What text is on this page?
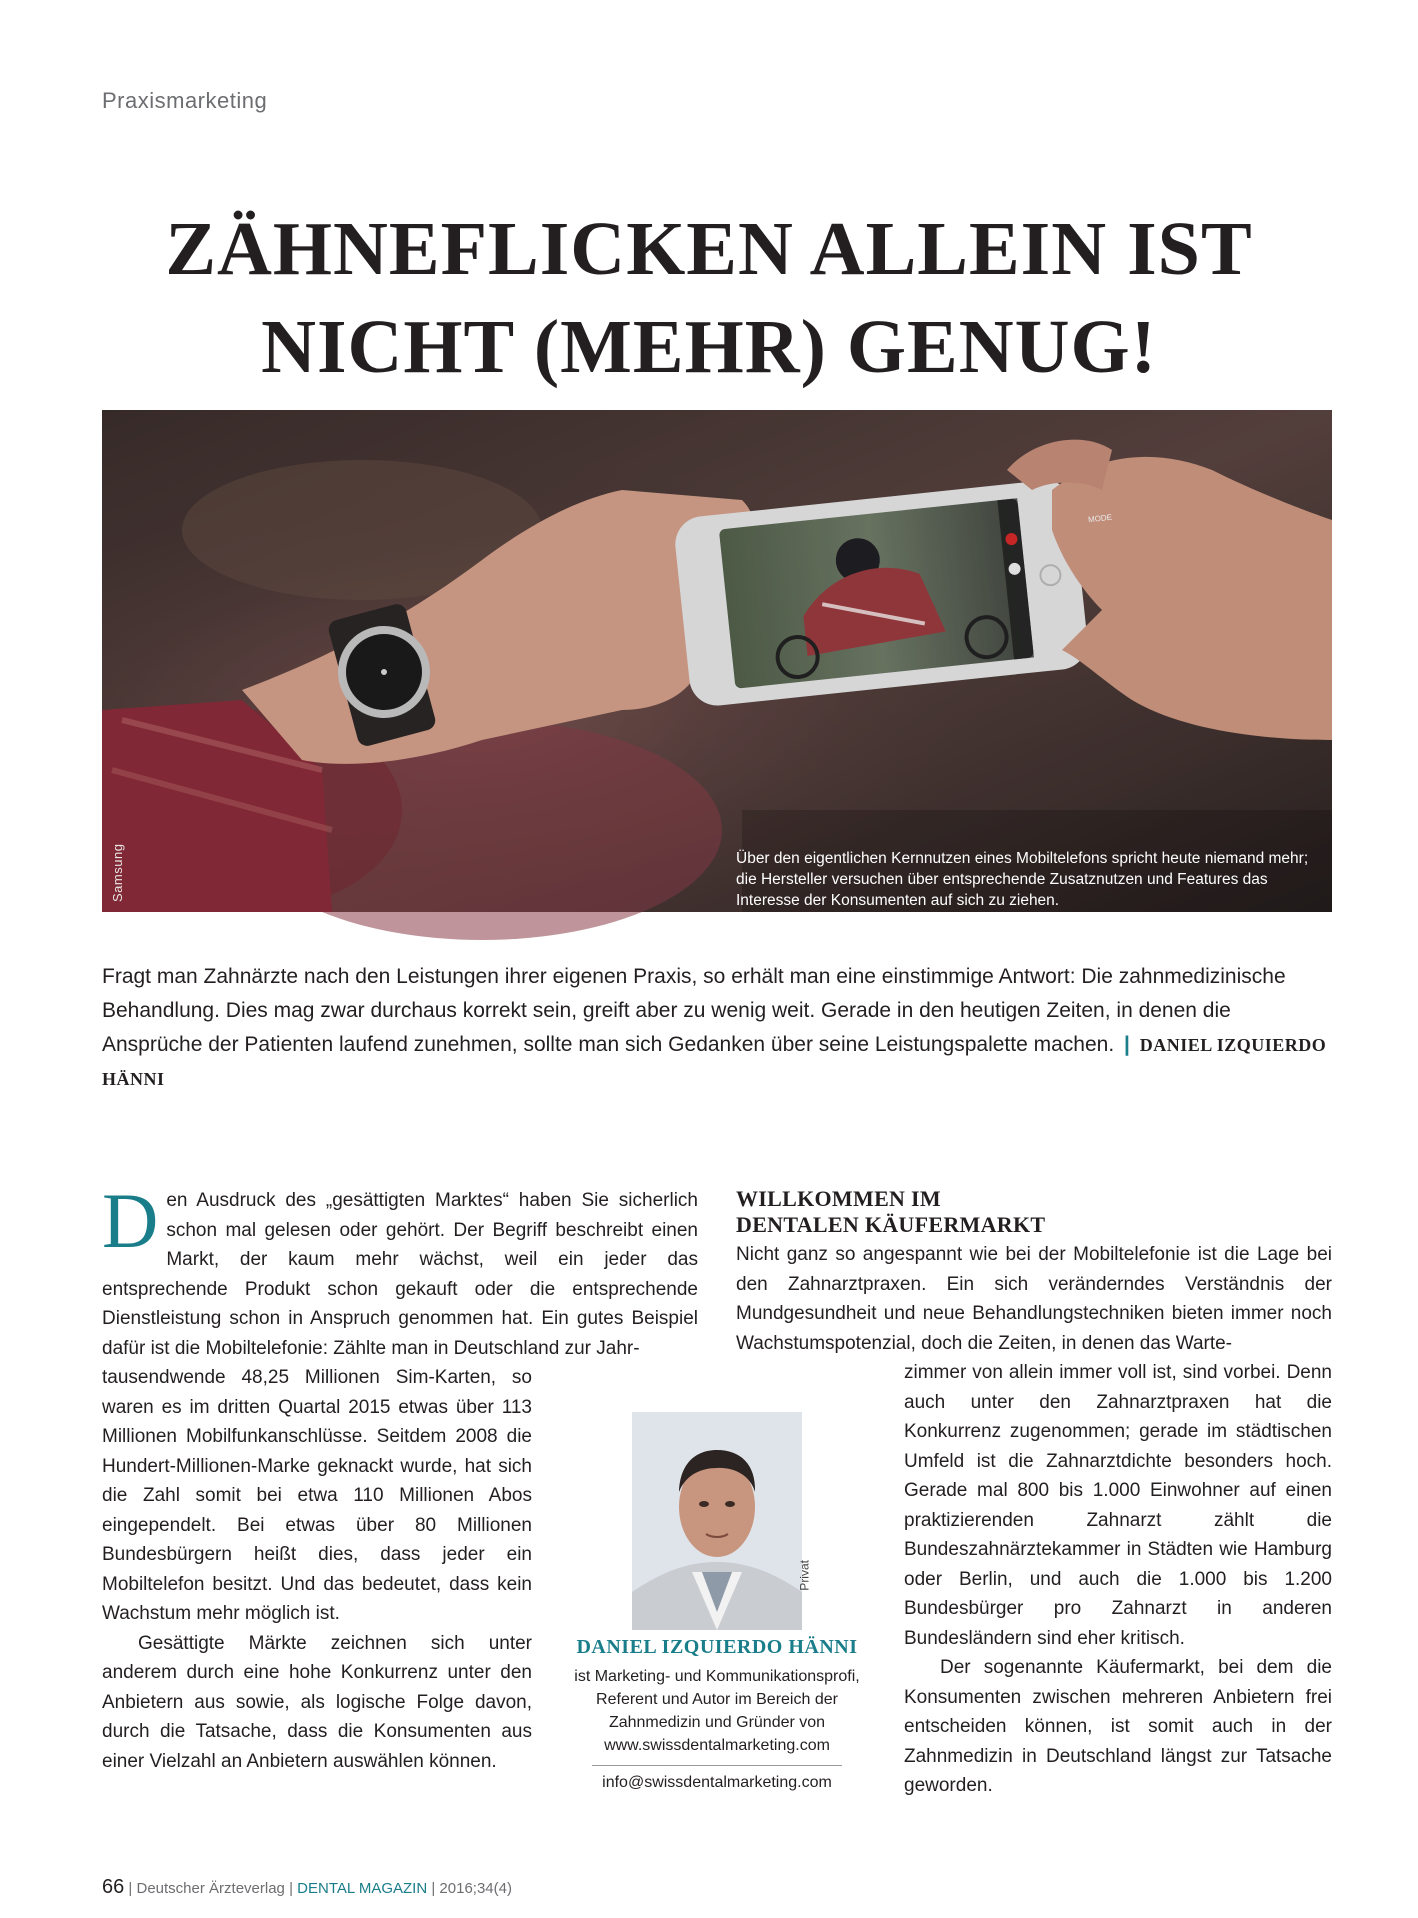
Praxismarketing
ZÄHNEFLICKEN ALLEIN IST
NICHT (MEHR) GENUG!
Samsung
MODE

Über den eigentlichen Kernnutzen eines Mobiltelefons spricht heute niemand mehr; die Hersteller versuchen über entsprechende Zusatznutzen und Features das Interesse der Konsumenten auf sich zu ziehen.

Fragt man Zahnärzte nach den Leistungen ihrer eigenen Praxis, so erhält man eine einstimmige Antwort: Die zahnmedizinische Behandlung. Dies mag zwar durchaus korrekt sein, greift aber zu wenig weit. Gerade in den heutigen Zeiten, in denen die Ansprüche der Patienten laufend zunehmen, sollte man sich Gedanken über seine Leistungspalette machen. | DANIEL IZQUIERDO HÄNNI

D en Ausdruck des „gesättigten Marktes“ haben Sie sicherlich schon mal gelesen oder gehört. Der Begriff beschreibt einen Markt, der kaum mehr wächst, weil ein jeder das entsprechende Produkt schon gekauft oder die entsprechende Dienstleistung schon in Anspruch genommen hat. Ein gutes Beispiel dafür ist die Mobiltelefonie: Zählte man in Deutschland zur Jahr-

tausendwende 48,25 Millionen Sim-Karten, so waren es im dritten Quartal 2015 etwas über 113 Millionen Mobilfunkanschlüsse. Seitdem 2008 die Hundert-Millionen-Marke geknackt wurde, hat sich die Zahl somit bei etwa 110 Millionen Abos eingependelt. Bei etwas über 80 Millionen Bundesbürgern heißt dies, dass jeder ein Mobiltelefon besitzt. Und das bedeutet, dass kein Wachstum mehr möglich ist.

Gesättigte Märkte zeichnen sich unter anderem durch eine hohe Konkurrenz unter den Anbietern aus sowie, als logische Folge davon, durch die Tatsache, dass die Konsumenten aus einer Vielzahl an Anbietern auswählen können.

WILLKOMMEN IM
DENTALEN KÄUFERMARKT

Nicht ganz so angespannt wie bei der Mobiltelefonie ist die Lage bei den Zahnarztpraxen. Ein sich veränderndes Verständnis der Mundgesundheit und neue Behandlungstechniken bieten immer noch Wachstumspotenzial, doch die Zeiten, in denen das Warte-

zimmer von allein immer voll ist, sind vorbei. Denn auch unter den Zahnarztpraxen hat die Konkurrenz zugenommen; gerade im städtischen Umfeld ist die Zahnarztdichte besonders hoch. Gerade mal 800 bis 1.000 Einwohner auf einen praktizierenden Zahnarzt zählt die Bundeszahnärztekammer in Städten wie Hamburg oder Berlin, und auch die 1.000 bis 1.200 Bundesbürger pro Zahnarzt in anderen Bundesländern sind eher kritisch.

Der sogenannte Käufermarkt, bei dem die Konsumenten zwischen mehreren Anbietern frei entscheiden können, ist somit auch in der Zahnmedizin in Deutschland längst zur Tatsache geworden.

Privat

DANIEL IZQUIERDO HÄNNI

ist Marketing- und Kommunikationsprofi,
Referent und Autor im Bereich der
Zahnmedizin und Gründer von
www.swissdentalmarketing.com

info@swissdentalmarketing.com

66 | Deutscher Ärzteverlag | DENTAL MAGAZIN | 2016;34(4)
